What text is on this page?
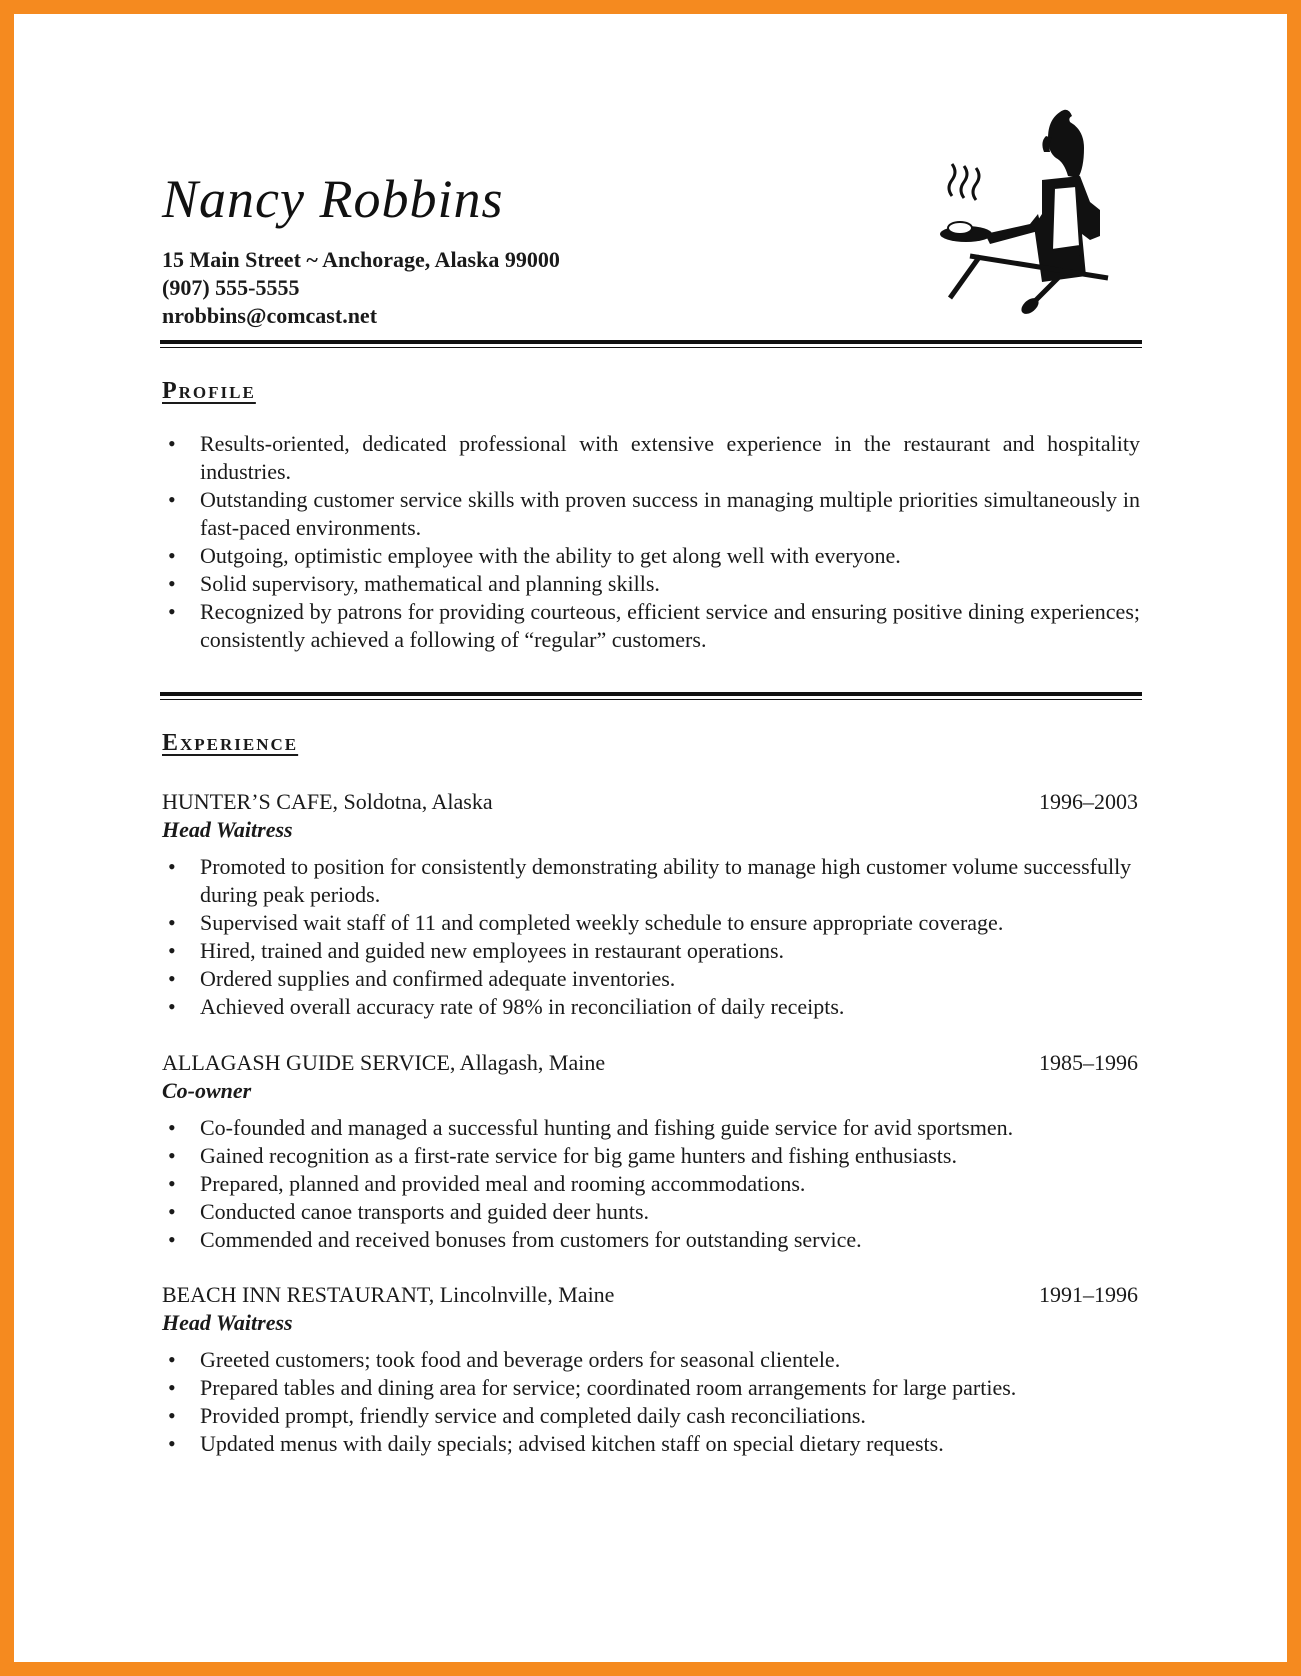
Nancy Robbins
15 Main Street ~ Anchorage, Alaska 99000
(907) 555-5555
nrobbins@comcast.net
Profile
• Results-oriented, dedicated professional with extensive experience in the restaurant and hospitality industries.
• Outstanding customer service skills with proven success in managing multiple priorities simultaneously in fast-paced environments.
• Outgoing, optimistic employee with the ability to get along well with everyone.
• Solid supervisory, mathematical and planning skills.
• Recognized by patrons for providing courteous, efficient service and ensuring positive dining experiences; consistently achieved a following of “regular” customers.
Experience
HUNTER’S CAFE, Soldotna, Alaska	1996–2003
Head Waitress
• Promoted to position for consistently demonstrating ability to manage high customer volume successfully during peak periods.
• Supervised wait staff of 11 and completed weekly schedule to ensure appropriate coverage.
• Hired, trained and guided new employees in restaurant operations.
• Ordered supplies and confirmed adequate inventories.
• Achieved overall accuracy rate of 98% in reconciliation of daily receipts.
ALLAGASH GUIDE SERVICE, Allagash, Maine	1985–1996
Co-owner
• Co-founded and managed a successful hunting and fishing guide service for avid sportsmen.
• Gained recognition as a first-rate service for big game hunters and fishing enthusiasts.
• Prepared, planned and provided meal and rooming accommodations.
• Conducted canoe transports and guided deer hunts.
• Commended and received bonuses from customers for outstanding service.
BEACH INN RESTAURANT, Lincolnville, Maine	1991–1996
Head Waitress
• Greeted customers; took food and beverage orders for seasonal clientele.
• Prepared tables and dining area for service; coordinated room arrangements for large parties.
• Provided prompt, friendly service and completed daily cash reconciliations.
• Updated menus with daily specials; advised kitchen staff on special dietary requests.
